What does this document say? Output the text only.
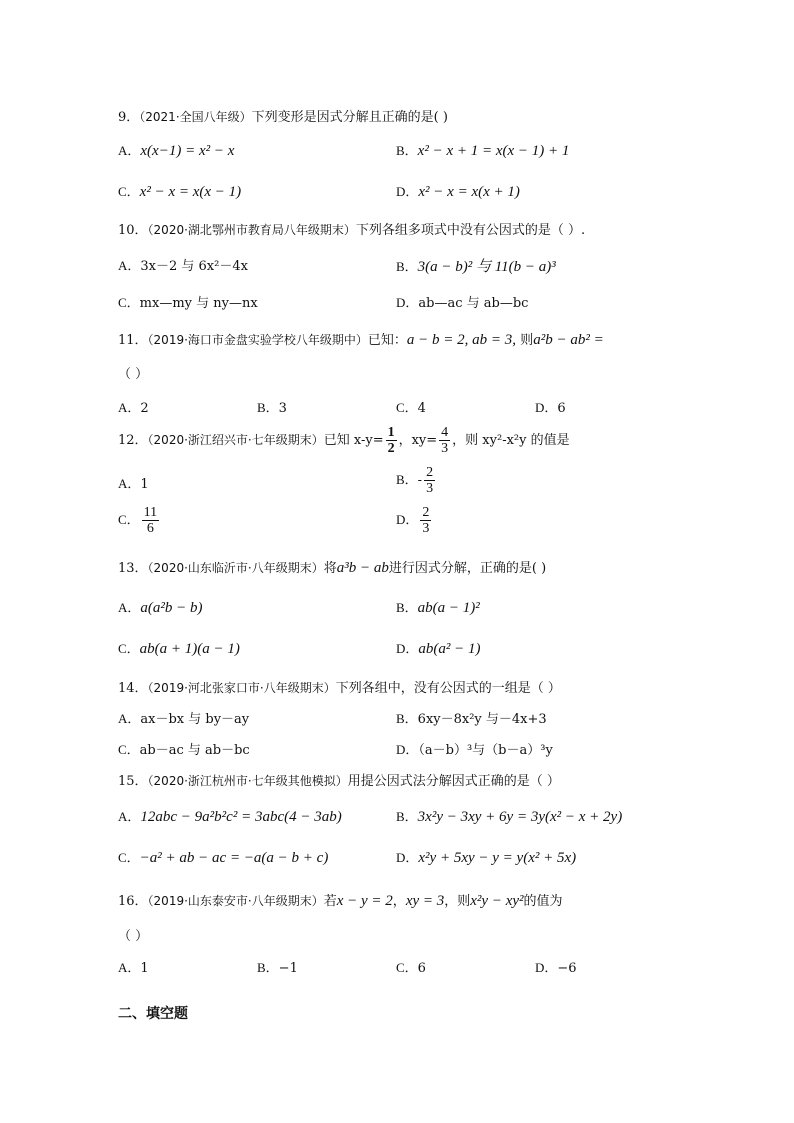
9．（2021·全国八年级）下列变形是因式分解且正确的是( )
A．x(x−1) = x² − x	B．x² − x + 1 = x(x − 1) + 1
C．x² − x = x(x − 1)	D．x² − x = x(x + 1)
10．（2020·湖北鄂州市教育局八年级期末）下列各组多项式中没有公因式的是（ ）.
A．3x－2 与 6x²－4x	B．3(a − b)² 与 11(b − a)³
C．mx—my 与 ny—nx	D．ab—ac 与 ab—bc
11．（2019·海口市金盘实验学校八年级期中）已知：a − b = 2, ab = 3, 则a²b − ab² =
（ ）
A．2	B．3	C．4	D．6
12．（2020·浙江绍兴市·七年级期末）已知 $x-y= \frac{1}{2}$ ，$xy= \frac{4}{3}$ ，则 xy²-x²y 的值是
A．1	B．- $\frac{2}{3}$
C． $\frac{11}{6}$	D． $\frac{2}{3}$
13．（2020·山东临沂市·八年级期末）将a³b − ab进行因式分解，正确的是( )
A．a(a²b − b)	B．ab(a − 1)²
C．ab(a + 1)(a − 1)	D．ab(a² − 1)
14．（2019·河北张家口市·八年级期末）下列各组中，没有公因式的一组是（ ）
A．ax－bx 与 by－ay	B．6xy－8x²y 与－4x+3
C．ab－ac 与 ab－bc	D．（a－b）³与（b－a）³y
15．（2020·浙江杭州市·七年级其他模拟）用提公因式法分解因式正确的是（ ）
A．12abc − 9a²b²c² = 3abc(4 − 3ab)	B．3x²y − 3xy + 6y = 3y(x² − x + 2y)
C．−a² + ab − ac = −a(a − b + c)	D．x²y + 5xy − y = y(x² + 5x)
16．（2019·山东泰安市·八年级期末）若x − y = 2，xy = 3，则x²y − xy²的值为
（ ）
A．1	B．−1	C．6	D．−6
二、填空题
